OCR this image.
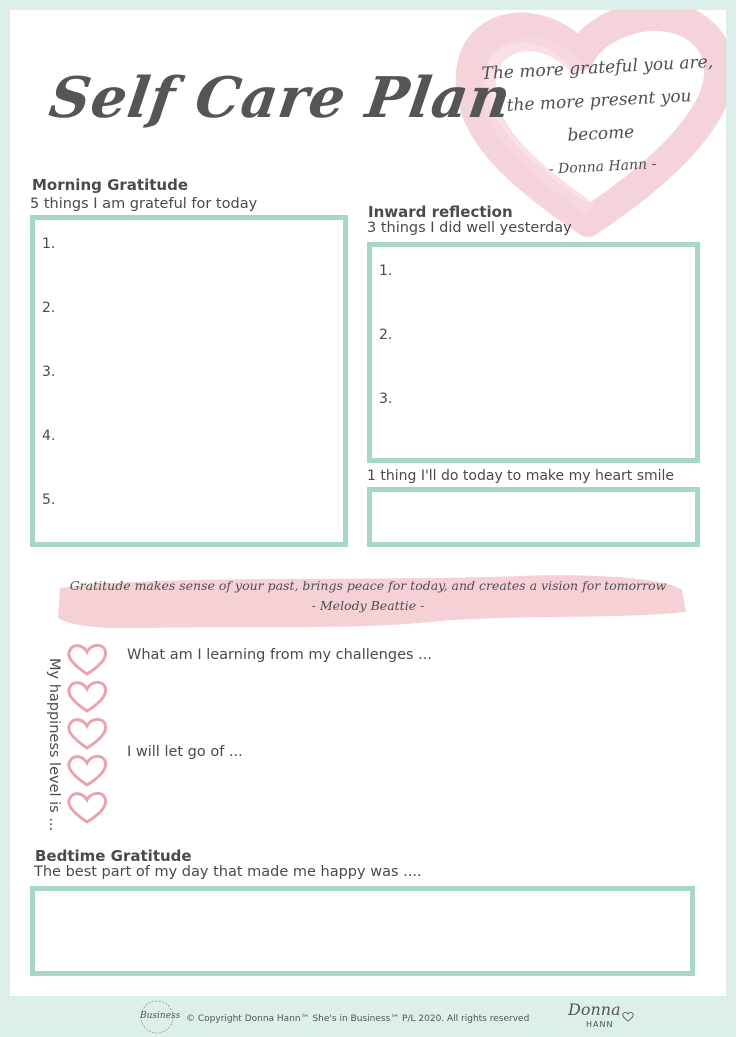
Self Care Plan
The more grateful you are,
the more present you become
- Donna Hann -
Morning Gratitude
5 things I am grateful for today
1.
2.
3.
4.
5.
Inward reflection
3 things I did well yesterday
1.
2.
3.
1 thing I'll do today to make my heart smile
Gratitude makes sense of your past, brings peace for today, and creates a vision for tomorrow
- Melody Beattie -
My happiness level is ...
What am I learning from my challenges ...
I will let go of ...
Bedtime Gratitude
The best part of my day that made me happy was ....
Business © Copyright Donna Hann™ She's in Business™ P/L 2020. All rights reserved Donna
HANN
